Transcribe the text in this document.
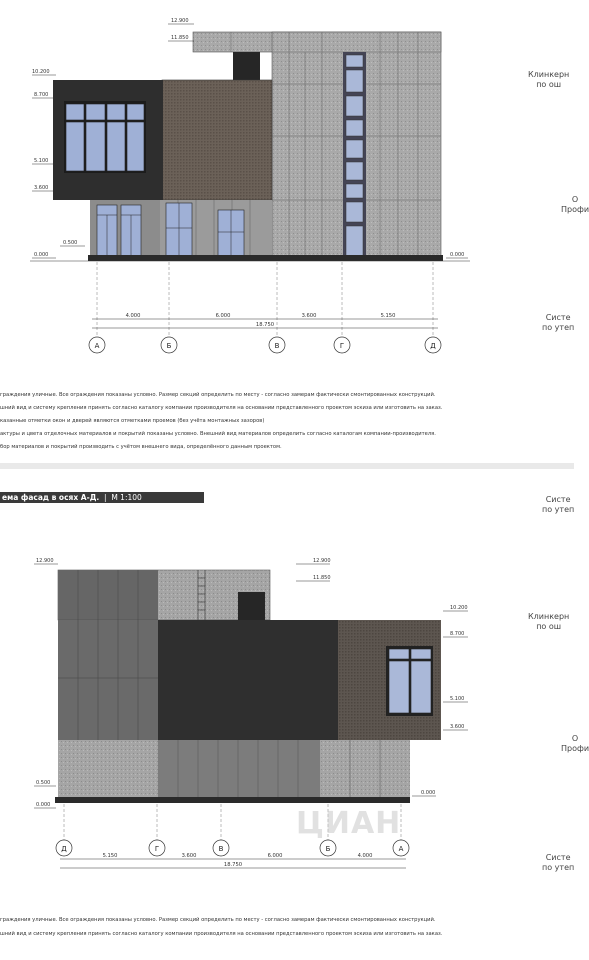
10.200
8.700
5.100
3.600
0.500
0.000
12.900
11.850
0.000
4.000	6.000	3.600	5.150
18.750
А	Б	В	Г	Д
граждения уличные. Все ограждения показаны условно. Размер секций определить по месту - согласно замерам фактически смонтированных конструкций.
шний вид и систему крепления принять согласно каталогу компании производителя на основании представленного проектом эскиза или изготовить на заказ.
казанные отметки окон и дверей являются отметками проемов (без учёта монтажных зазоров)
актуры и цвета отделочных материалов и покрытий показаны условно. Внешний вид материалов определить согласно каталогам компании-производителя.
бор материалов и покрытий производить с учётом внешнего вида, определённого данным проектом.
ема фасад в осях А-Д. | М 1:100
12.900	12.900
11.850
10.200
8.700
5.100
3.600
0.000
0.500
0.000
Д	Г	В	Б	А
5.150	3.600	6.000	4.000
18.750
ЦИАН
граждения уличные. Все ограждения показаны условно. Размер секций определить по месту - согласно замерам фактически смонтированных конструкций.
шний вид и систему крепления принять согласно каталогу компании производителя на основании представленного проектом эскиза или изготовить на заказ.
Клинкерн
по ош
О
Профи
Систе
по утеп
Систе
по утеп
Клинкерн
по ош
О
Профи
Систе
по утеп
